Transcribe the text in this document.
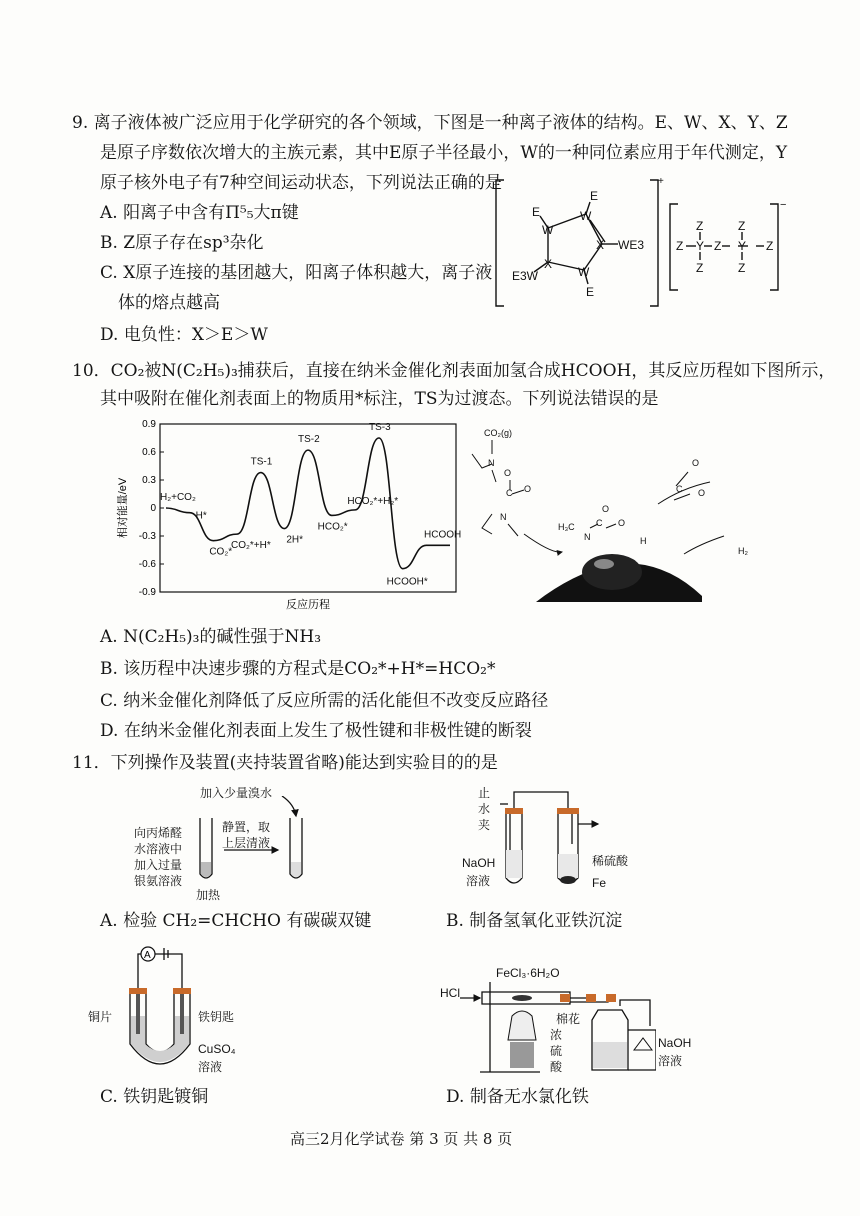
9. 离子液体被广泛应用于化学研究的各个领域，下图是一种离子液体的结构。E、W、X、Y、Z
是原子序数依次增大的主族元素，其中E原子半径最小，W的一种同位素应用于年代测定，Y
原子核外电子有7种空间运动状态，下列说法正确的是
A. 阳离子中含有Π⁵₅大π键
B. Z原子存在sp³杂化
C. X原子连接的基团越大，阳离子体积越大，离子液
体的熔点越高
D. 电负性：X＞E＞W
E
W
W
E
X WE3
X
E3W	W
E
+
Z
Z
Y
Z
Z
Z
Y
Z
Z
−
10．CO₂被N(C₂H₅)₃捕获后，直接在纳米金催化剂表面加氢合成HCOOH，其反应历程如下图所示，
其中吸附在催化剂表面上的物质用*标注，TS为过渡态。下列说法错误的是
0.9
0.6
0.3
0
-0.3
-0.6
-0.9
H₂+CO₂
H*
CO₂*
CO₂*+H*
TS-1
2H*
TS-2
HCO₂*
HCO₂*+H₂*
TS-3
HCOOH*
HCOOH
相对能量/eV
反应历程
CO₂(g)
N
C
O
O
N
H₃C
N
C
O
O
H
C
O
O
H₂
A. N(C₂H₅)₃的碱性强于NH₃
B. 该历程中决速步骤的方程式是CO₂*+H*=HCO₂*
C. 纳米金催化剂降低了反应所需的活化能但不改变反应路径
D. 在纳米金催化剂表面上发生了极性键和非极性键的断裂
11．下列操作及装置(夹持装置省略)能达到实验目的的是
加入少量溴水
向丙烯醛
水溶液中
加入过量
银氨溶液
加热
静置，取
上层清液
A. 检验 CH₂=CHCHO 有碳碳双键
止
水
夹
NaOH
溶液
稀硫酸
Fe
B. 制备氢氧化亚铁沉淀
铜片	铁钥匙
CuSO₄
溶液
A
C. 铁钥匙镀铜
HCl
FeCl₃·6H₂O
棉花
浓
硫
酸
NaOH
溶液
D. 制备无水氯化铁
高三2月化学试卷 第 3 页 共 8 页
